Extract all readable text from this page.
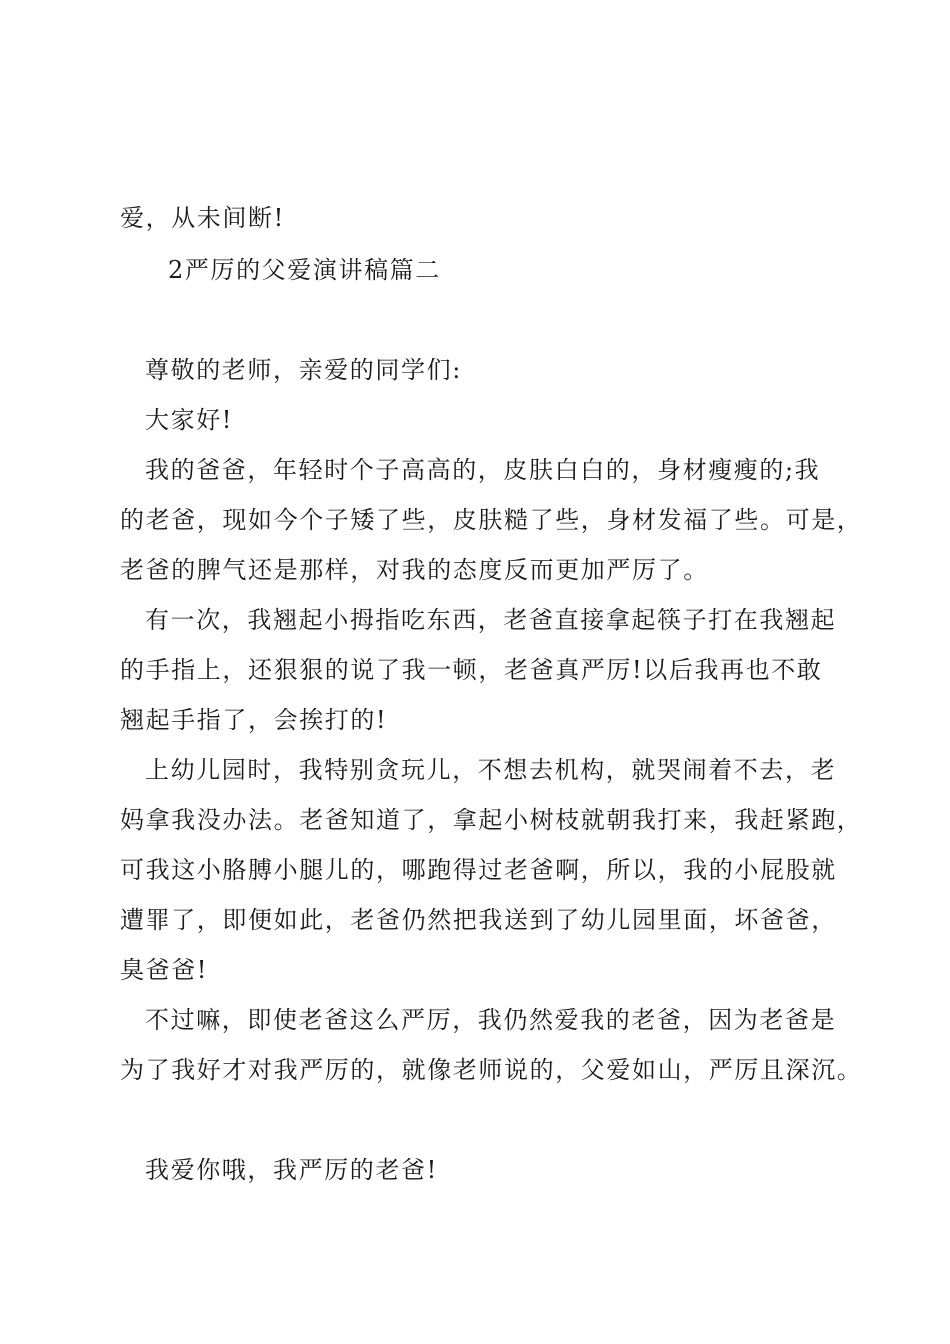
爱，从未间断!
2严厉的父爱演讲稿篇二
尊敬的老师，亲爱的同学们:
大家好!
我的爸爸，年轻时个子高高的，皮肤白白的，身材瘦瘦的;我
的老爸，现如今个子矮了些，皮肤糙了些，身材发福了些。可是，
老爸的脾气还是那样，对我的态度反而更加严厉了。
有一次，我翘起小拇指吃东西，老爸直接拿起筷子打在我翘起
的手指上，还狠狠的说了我一顿，老爸真严厉!以后我再也不敢
翘起手指了，会挨打的!
上幼儿园时，我特别贪玩儿，不想去机构，就哭闹着不去，老
妈拿我没办法。老爸知道了，拿起小树枝就朝我打来，我赶紧跑，
可我这小胳膊小腿儿的，哪跑得过老爸啊，所以，我的小屁股就
遭罪了，即便如此，老爸仍然把我送到了幼儿园里面，坏爸爸，
臭爸爸!
不过嘛，即使老爸这么严厉，我仍然爱我的老爸，因为老爸是
为了我好才对我严厉的，就像老师说的，父爱如山，严厉且深沉。
我爱你哦，我严厉的老爸!
